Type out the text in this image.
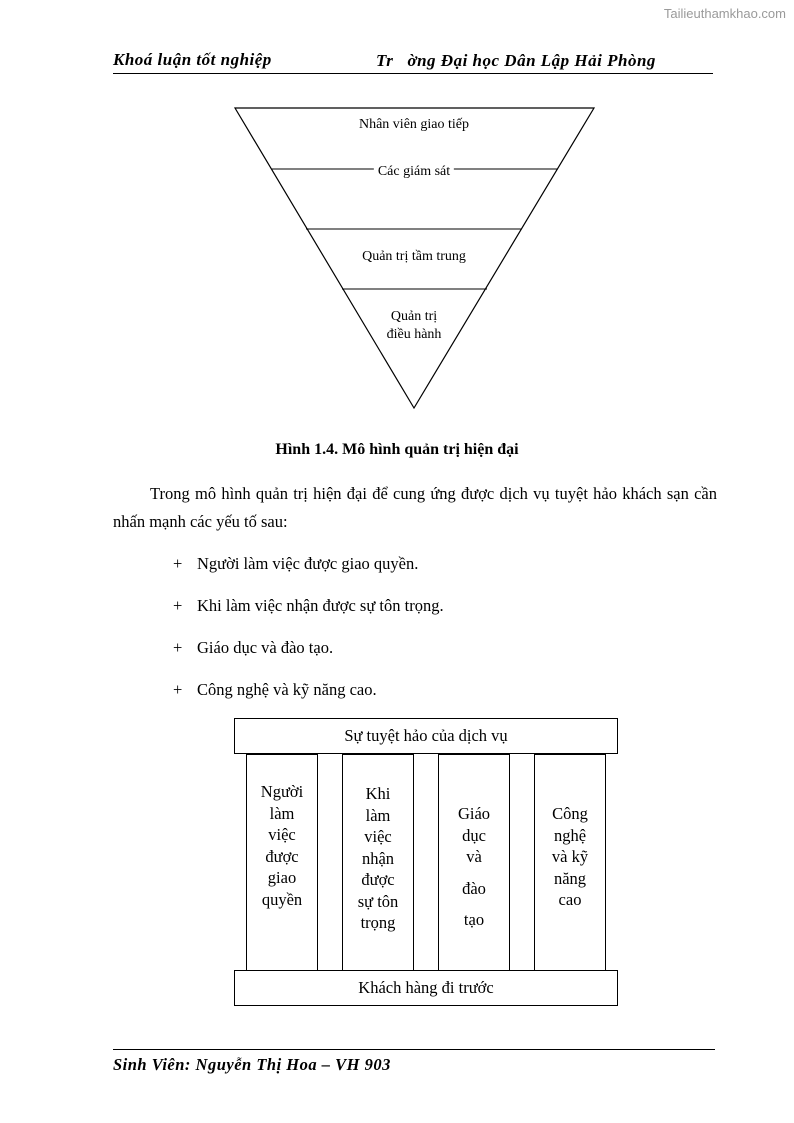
Tailieuthamkhao.com
Khoá luận tốt nghiệp	Trờng Đại học Dân Lập Hải Phòng
Nhân viên giao tiếp
Các giám sát
Quản trị tầm trung
Quản trị
điều hành
Hình 1.4. Mô hình quản trị hiện đại
Trong mô hình quản trị hiện đại để cung ứng được dịch vụ tuyệt hảo khách sạn cần nhấn mạnh các yếu tố sau:
+ Người làm việc được giao quyền.
+ Khi làm việc nhận được sự tôn trọng.
+ Giáo dục và đào tạo.
+ Công nghệ và kỹ năng cao.
Sự tuyệt hảo của dịch vụ
Khách hàng đi trước
Người
làm
việc
được
giao
quyền
Khi
làm
việc
nhận
được
sự tôn
trọng
Giáo
dục
và
đào
tạo
Công
nghệ
và kỹ
năng
cao
Sinh Viên: Nguyễn Thị Hoa – VH 903
